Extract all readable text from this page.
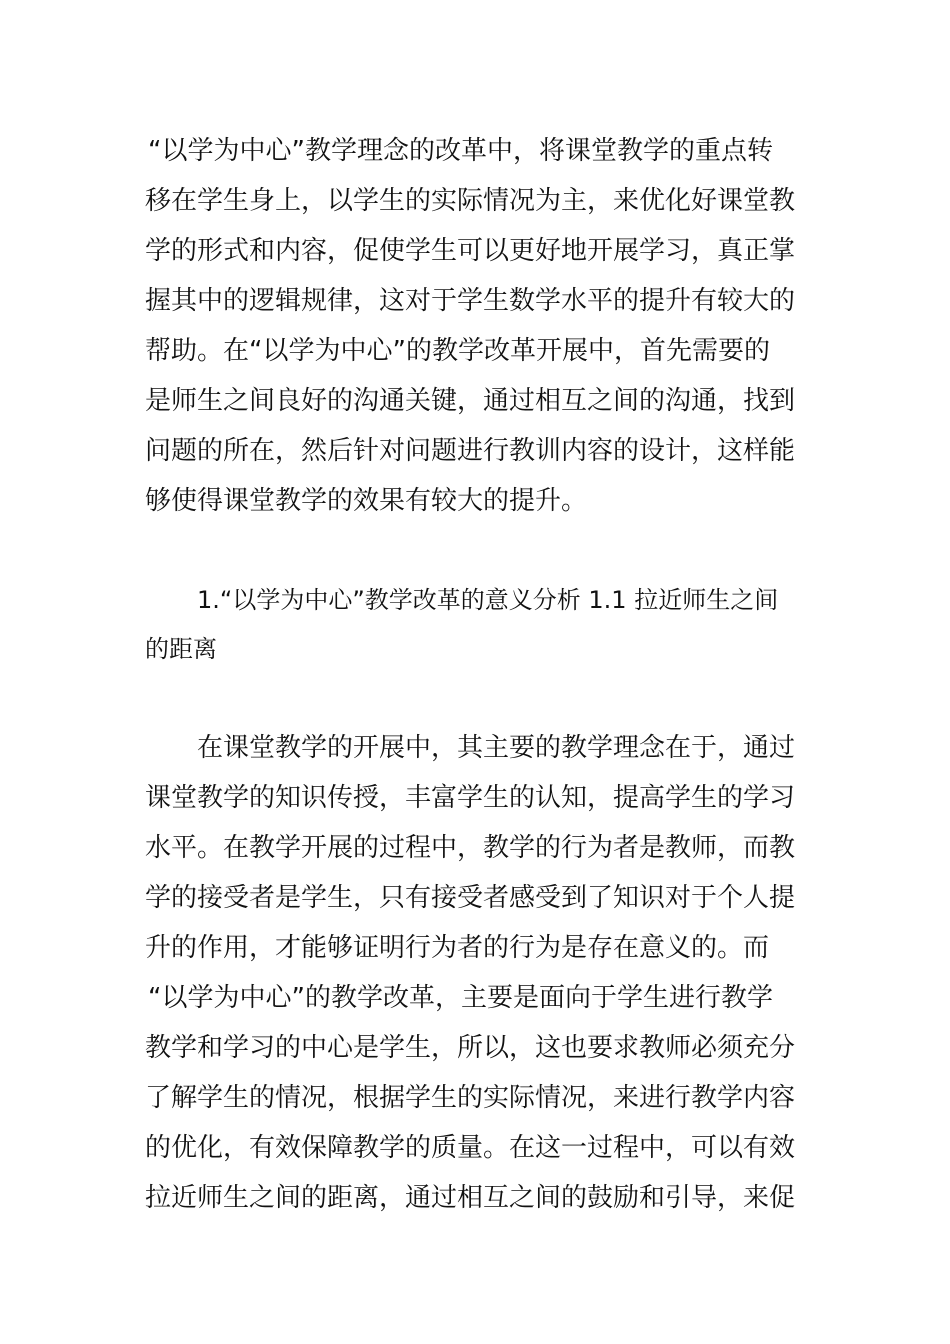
“以学为中心”教学理念的改革中，将课堂教学的重点转
移在学生身上，以学生的实际情况为主，来优化好课堂教
学的形式和内容，促使学生可以更好地开展学习，真正掌
握其中的逻辑规律，这对于学生数学水平的提升有较大的
帮助。在“以学为中心”的教学改革开展中，首先需要的
是师生之间良好的沟通关键，通过相互之间的沟通，找到
问题的所在，然后针对问题进行教训内容的设计，这样能
够使得课堂教学的效果有较大的提升。
1.“以学为中心”教学改革的意义分析 1.1 拉近师生之间
的距离
在课堂教学的开展中，其主要的教学理念在于，通过
课堂教学的知识传授，丰富学生的认知，提高学生的学习
水平。在教学开展的过程中，教学的行为者是教师，而教
学的接受者是学生，只有接受者感受到了知识对于个人提
升的作用，才能够证明行为者的行为是存在意义的。而
“以学为中心”的教学改革，主要是面向于学生进行教学
教学和学习的中心是学生，所以，这也要求教师必须充分
了解学生的情况，根据学生的实际情况，来进行教学内容
的优化，有效保障教学的质量。在这一过程中，可以有效
拉近师生之间的距离，通过相互之间的鼓励和引导，来促
